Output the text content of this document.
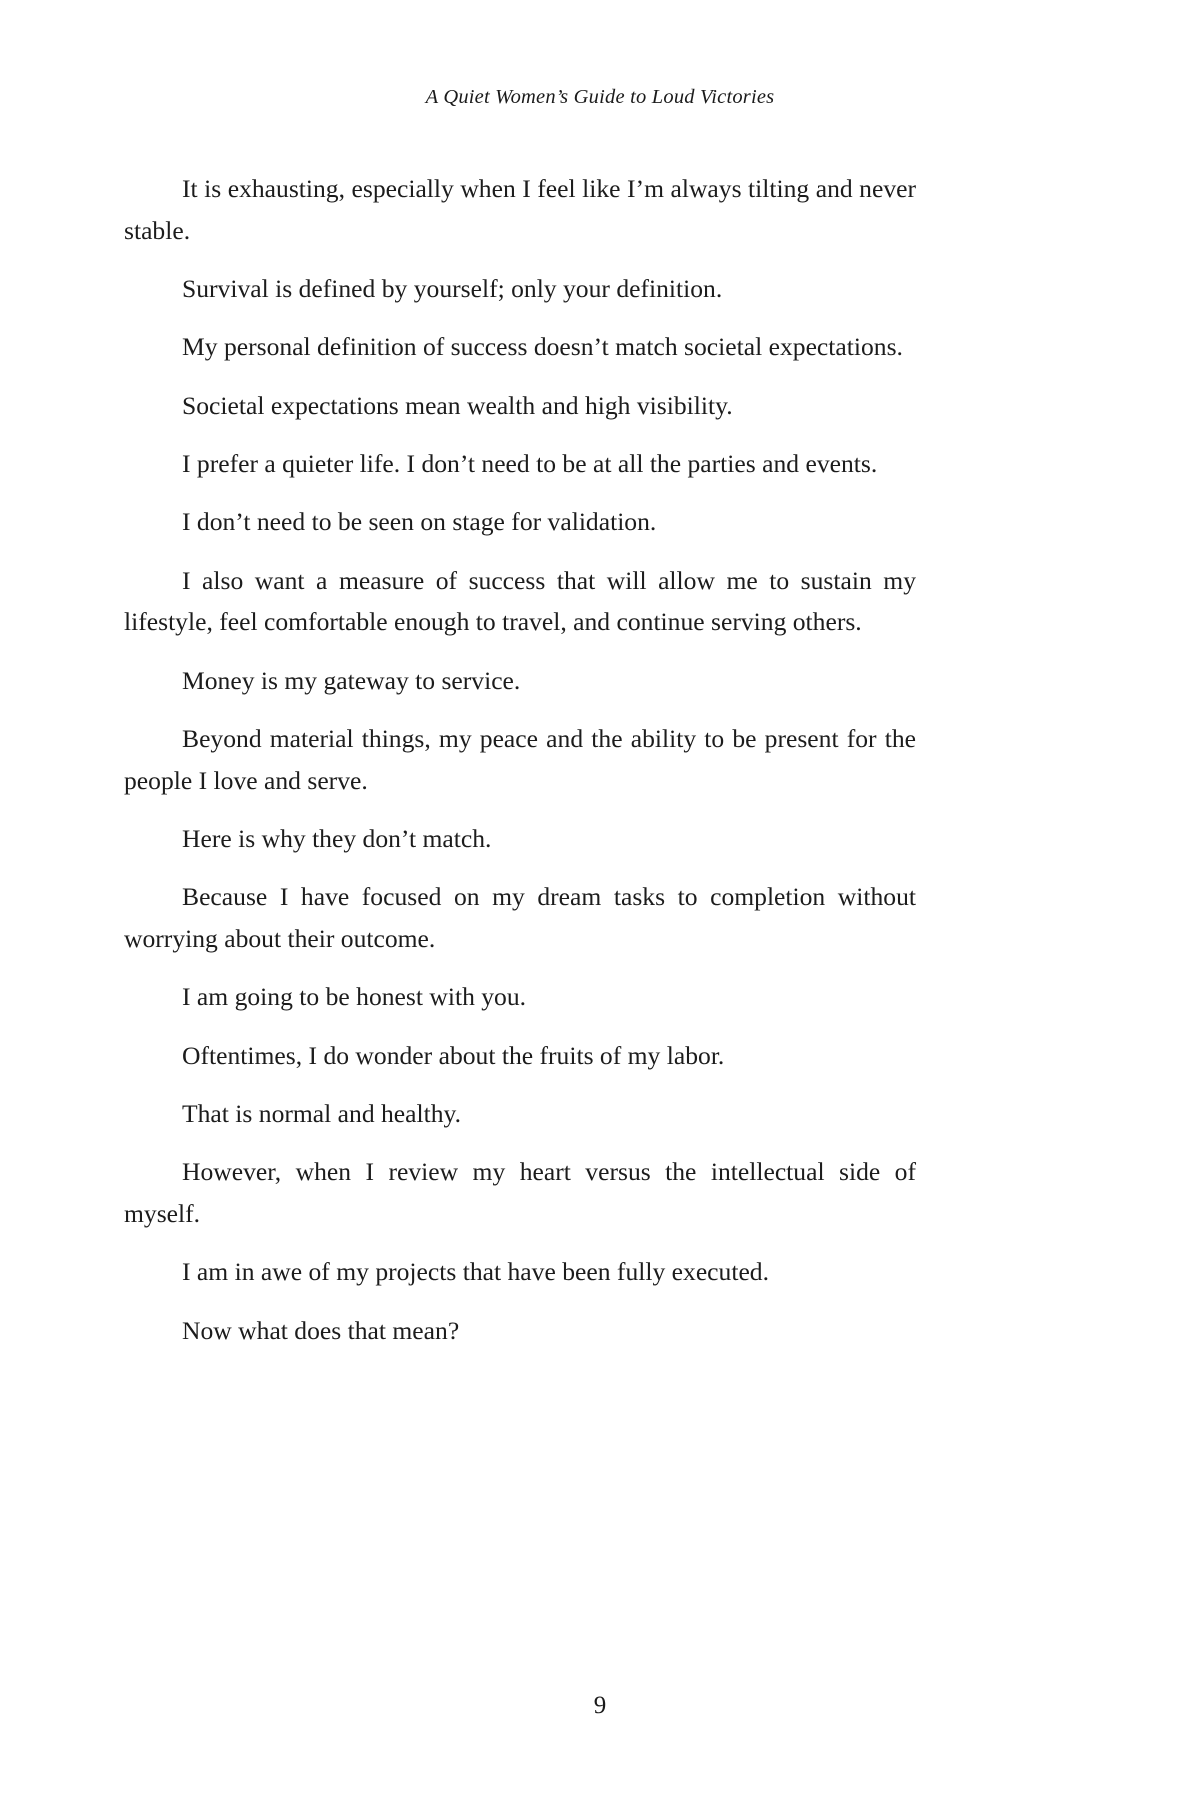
A Quiet Women’s Guide to Loud Victories

It is exhausting, especially when I feel like I’m always tilting and never stable.

Survival is defined by yourself; only your definition.

My personal definition of success doesn’t match societal expectations.

Societal expectations mean wealth and high visibility.

I prefer a quieter life. I don’t need to be at all the parties and events.

I don’t need to be seen on stage for validation.

I also want a measure of success that will allow me to sustain my lifestyle, feel comfortable enough to travel, and continue serving others.

Money is my gateway to service.

Beyond material things, my peace and the ability to be present for the people I love and serve.

Here is why they don’t match.

Because I have focused on my dream tasks to completion without worrying about their outcome.

I am going to be honest with you.

Oftentimes, I do wonder about the fruits of my labor.

That is normal and healthy.

However, when I review my heart versus the intellectual side of myself.

I am in awe of my projects that have been fully executed.

Now what does that mean?

9
